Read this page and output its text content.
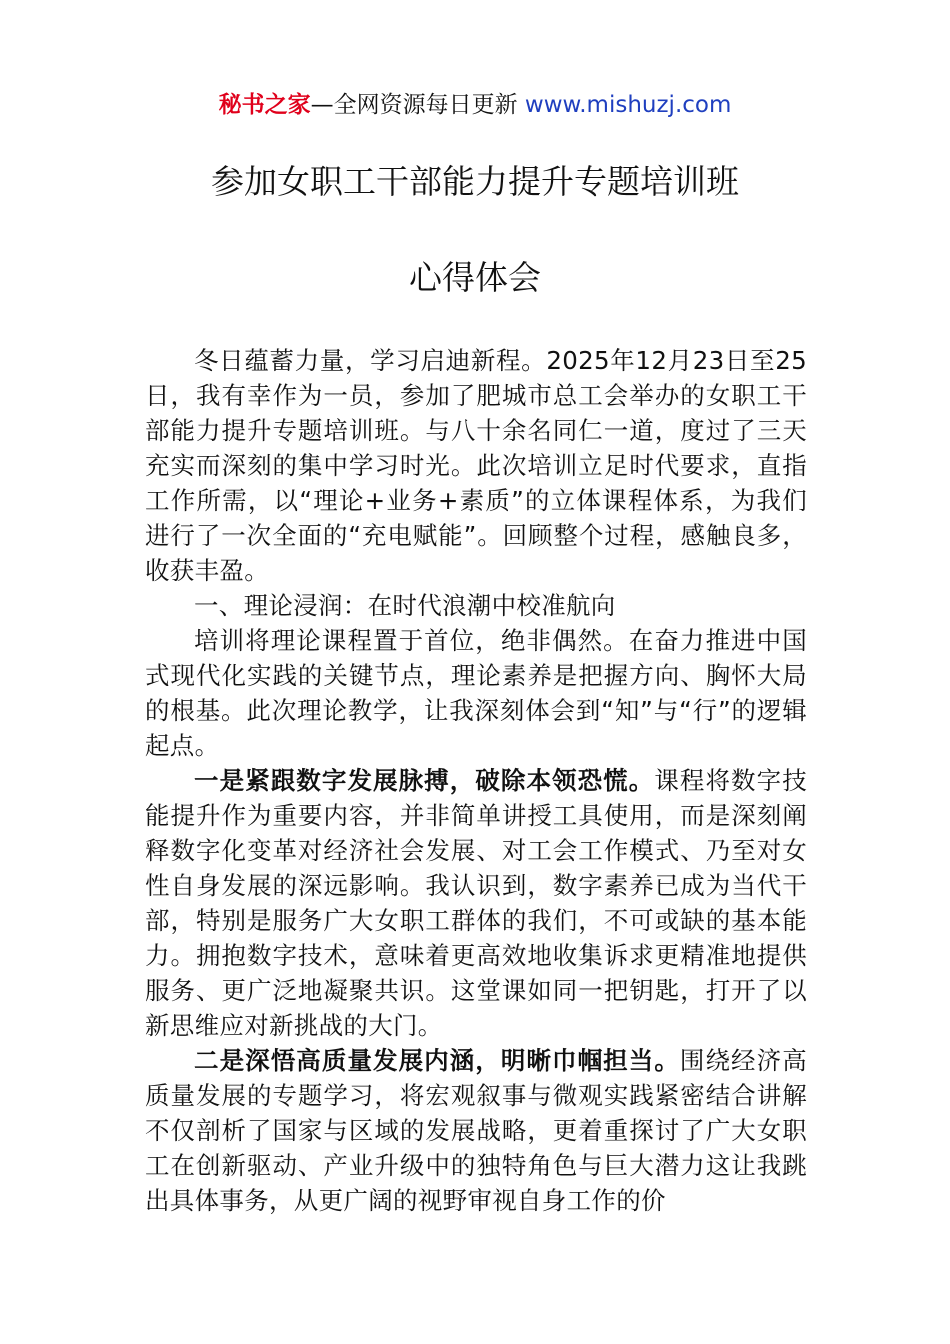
秘书之家—全网资源每日更新 www.mishuzj.com
参加女职工干部能力提升专题培训班
心得体会

冬日蕴蓄力量，学习启迪新程。2025年12月23日至25日，我有幸作为一员，参加了肥城市总工会举办的女职工干部能力提升专题培训班。与八十余名同仁一道，度过了三天充实而深刻的集中学习时光。此次培训立足时代要求，直指工作所需，以“理论+业务+素质”的立体课程体系，为我们进行了一次全面的“充电赋能”。回顾整个过程，感触良多，收获丰盈。

一、理论浸润：在时代浪潮中校准航向

培训将理论课程置于首位，绝非偶然。在奋力推进中国式现代化实践的关键节点，理论素养是把握方向、胸怀大局的根基。此次理论教学，让我深刻体会到“知”与“行”的逻辑起点。

一是紧跟数字发展脉搏，破除本领恐慌。课程将数字技能提升作为重要内容，并非简单讲授工具使用，而是深刻阐释数字化变革对经济社会发展、对工会工作模式、乃至对女性自身发展的深远影响。我认识到，数字素养已成为当代干部，特别是服务广大女职工群体的我们，不可或缺的基本能力。拥抱数字技术，意味着更高效地收集诉求更精准地提供服务、更广泛地凝聚共识。这堂课如同一把钥匙，打开了以新思维应对新挑战的大门。

二是深悟高质量发展内涵，明晰巾帼担当。围绕经济高质量发展的专题学习，将宏观叙事与微观实践紧密结合讲解不仅剖析了国家与区域的发展战略，更着重探讨了广大女职工在创新驱动、产业升级中的独特角色与巨大潜力这让我跳出具体事务，从更广阔的视野审视自身工作的价
